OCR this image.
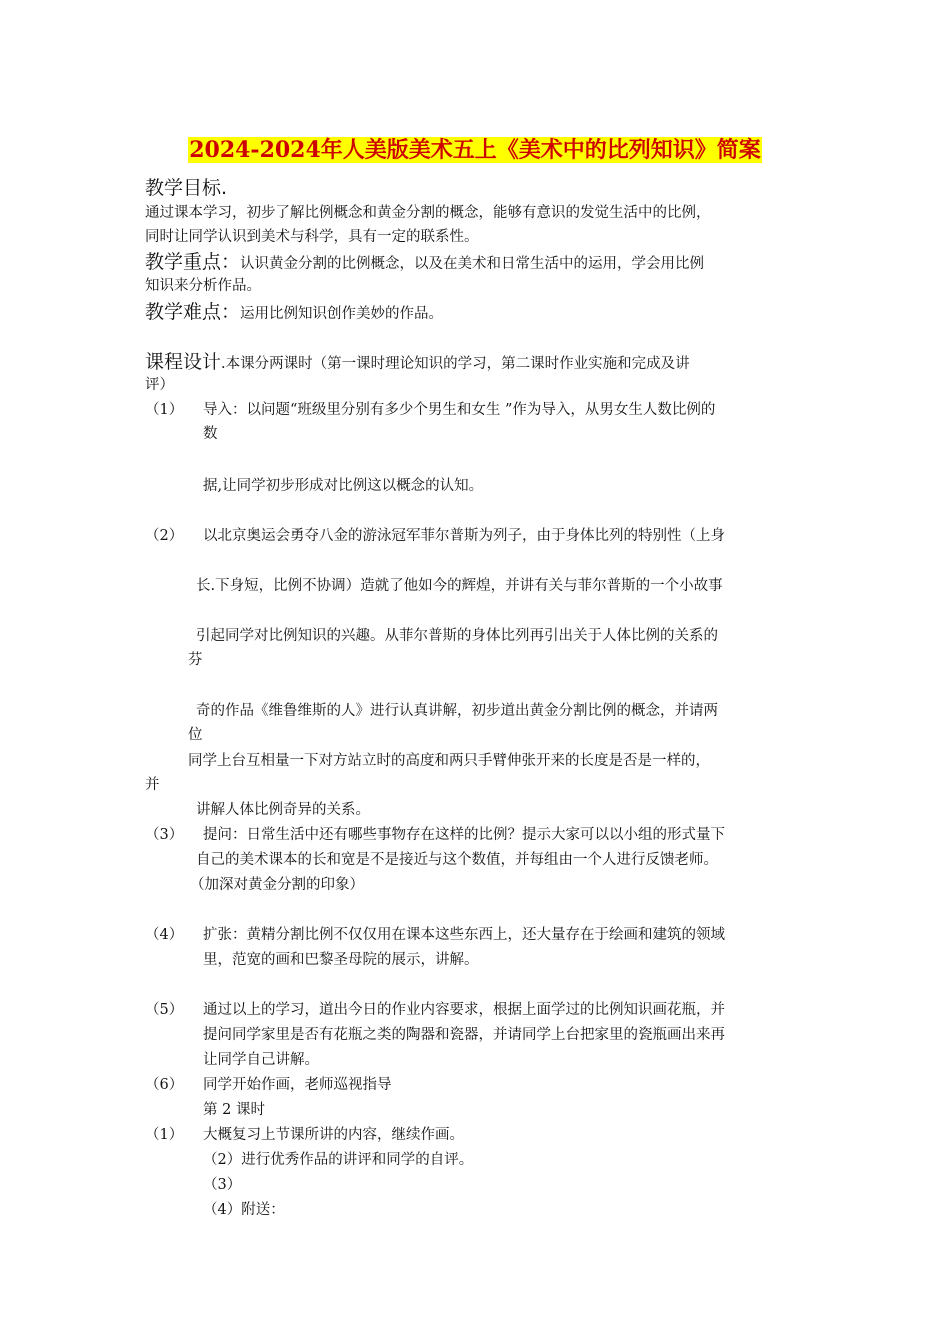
2024-2024年人美版美术五上《美术中的比列知识》简案
教学目标.
通过课本学习，初步了解比例概念和黄金分割的概念，能够有意识的发觉生活中的比例，
同时让同学认识到美术与科学，具有一定的联系性。
教学重点：认识黄金分割的比例概念，以及在美术和日常生活中的运用，学会用比例
知识来分析作品。
教学难点：运用比例知识创作美妙的作品。
课程设计.本课分两课时（第一课时理论知识的学习，第二课时作业实施和完成及讲
评）
（1） 导入：以问题“班级里分别有多少个男生和女生 ”作为导入，从男女生人数比例的
数
据,让同学初步形成对比例这以概念的认知。
（2） 以北京奥运会勇夺八金的游泳冠军菲尔普斯为列子，由于身体比列的特别性（上身
长.下身短，比例不协调）造就了他如今的辉煌，并讲有关与菲尔普斯的一个小故事
引起同学对比例知识的兴趣。从菲尔普斯的身体比列再引出关于人体比例的关系的
芬
奇的作品《维鲁维斯的人》进行认真讲解，初步道出黄金分割比例的概念，并请两
位
同学上台互相量一下对方站立时的高度和两只手臂伸张开来的长度是否是一样的，
并
讲解人体比例奇异的关系。
（3） 提问：日常生活中还有哪些事物存在这样的比例？提示大家可以以小组的形式量下
自己的美术课本的长和宽是不是接近与这个数值，并每组由一个人进行反馈老师。
（加深对黄金分割的印象）
（4） 扩张：黄精分割比例不仅仅用在课本这些东西上，还大量存在于绘画和建筑的领域
里，范宽的画和巴黎圣母院的展示，讲解。
（5） 通过以上的学习，道出今日的作业内容要求，根据上面学过的比例知识画花瓶，并
提问同学家里是否有花瓶之类的陶器和瓷器，并请同学上台把家里的瓷瓶画出来再
让同学自己讲解。
（6） 同学开始作画，老师巡视指导
第 2 课时
（1） 大概复习上节课所讲的内容，继续作画。
（2）进行优秀作品的讲评和同学的自评。
（3）
（4）附送：
